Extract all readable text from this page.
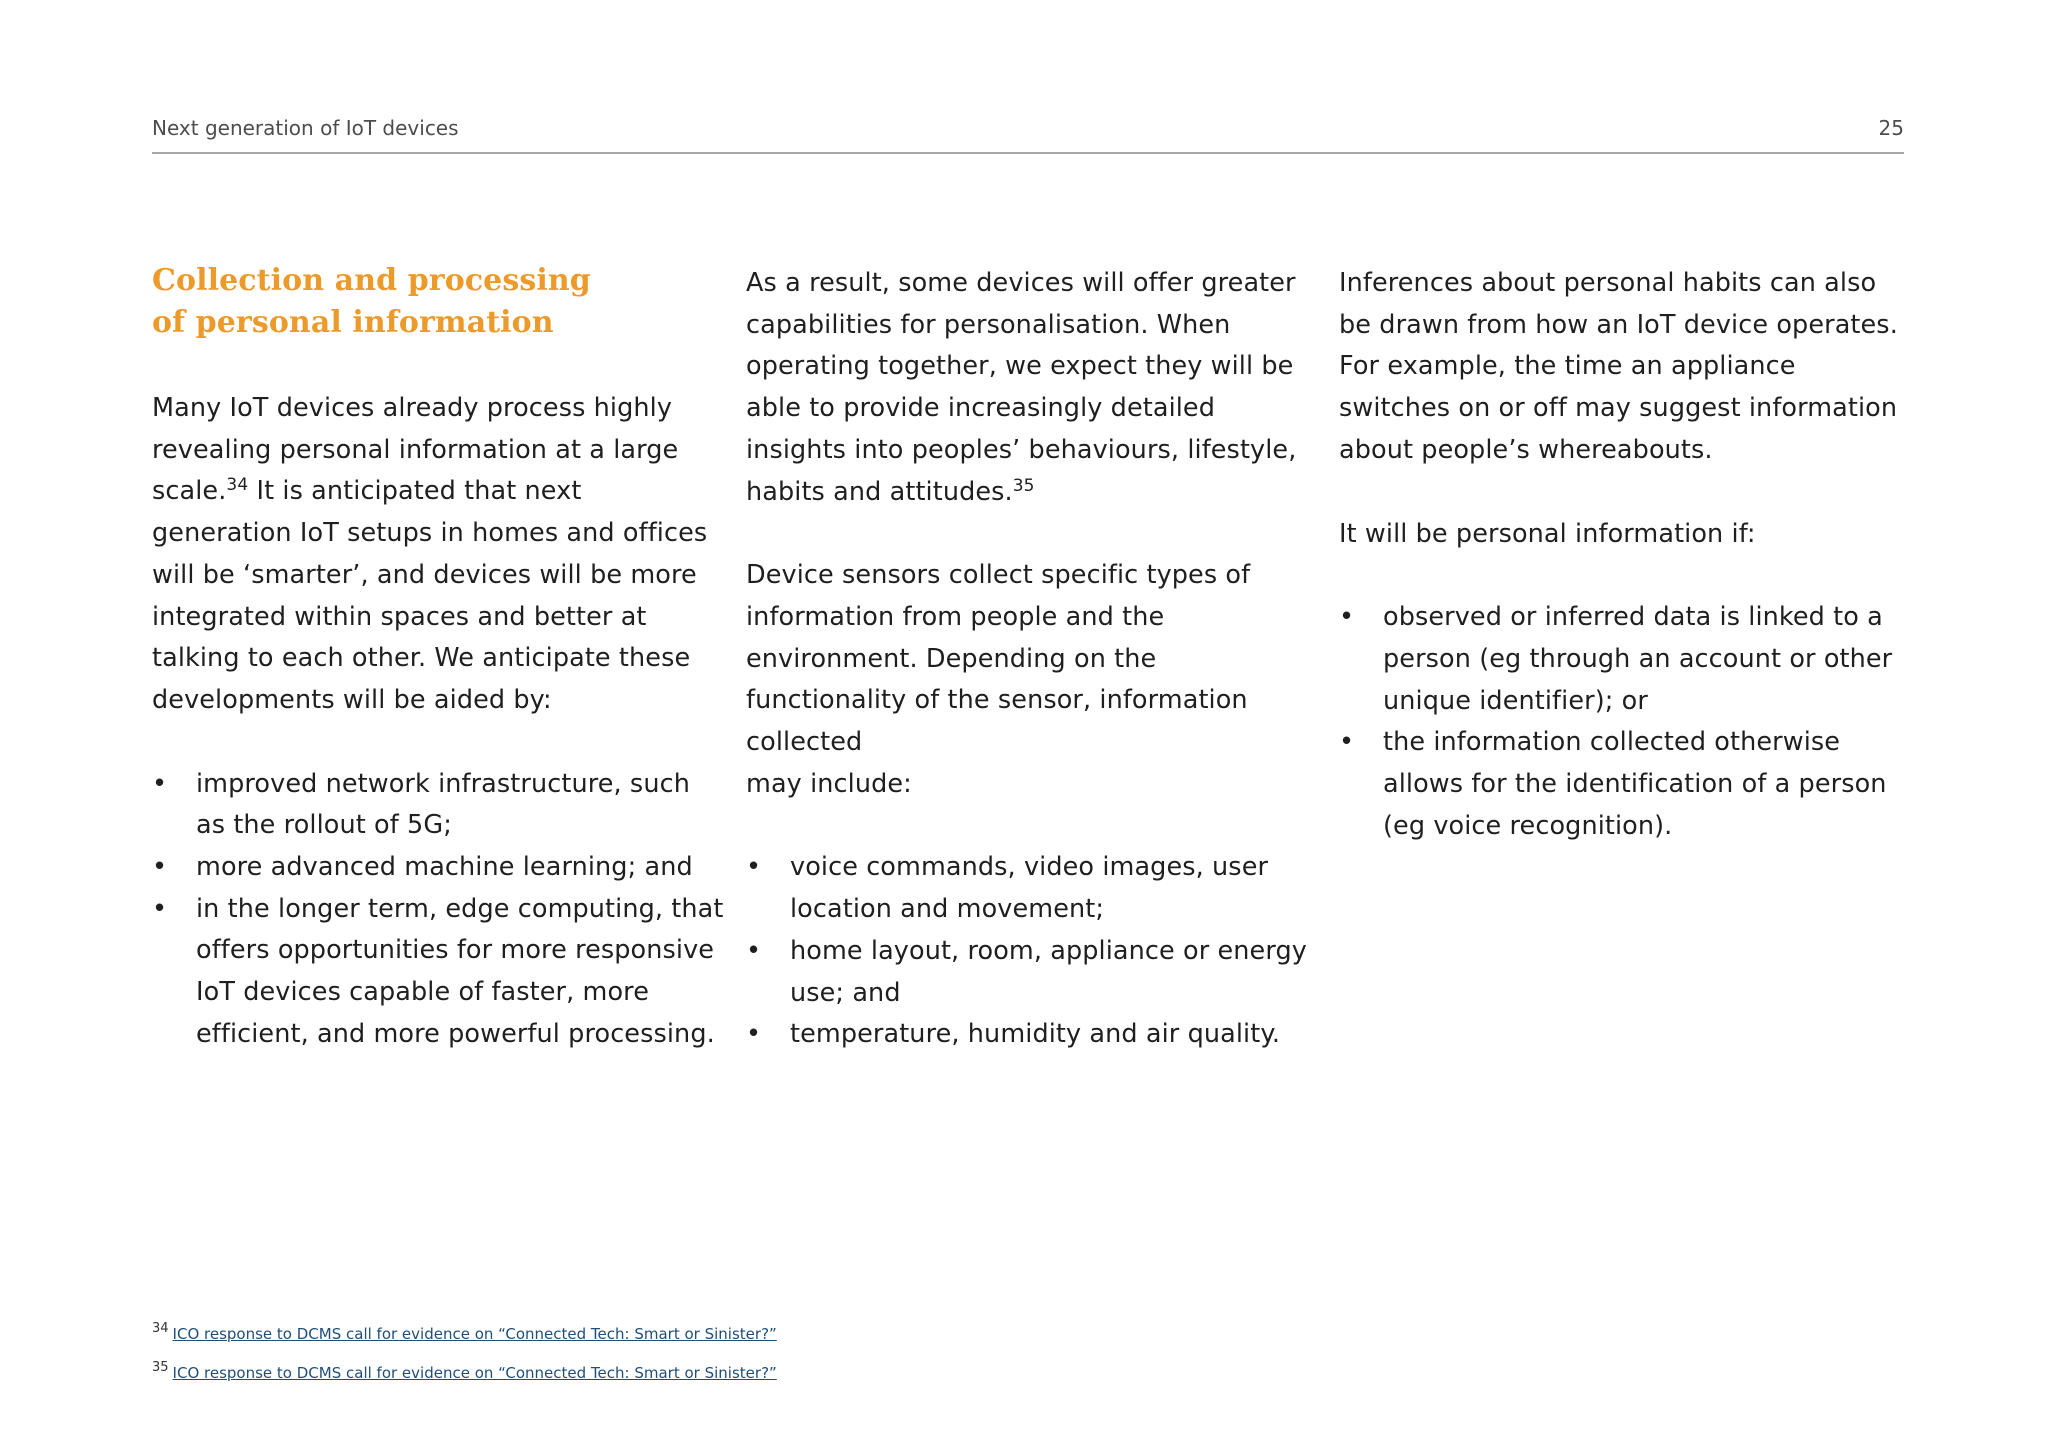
Next generation of IoT devices	25
Collection and processing of personal information

Many IoT devices already process highly revealing personal information at a large scale.$^{34}$ It is anticipated that next generation IoT setups in homes and offices will be ‘smarter’, and devices will be more integrated within spaces and better at talking to each other. We anticipate these developments will be aided by:

• improved network infrastructure, such as the rollout of 5G;
• more advanced machine learning; and
• in the longer term, edge computing, that offers opportunities for more responsive IoT devices capable of faster, more efficient, and more powerful processing.

As a result, some devices will offer greater capabilities for personalisation. When operating together, we expect they will be able to provide increasingly detailed insights into peoples’ behaviours, lifestyle, habits and attitudes.$^{35}$

Device sensors collect specific types of information from people and the environment. Depending on the functionality of the sensor, information collected
may include:

• voice commands, video images, user location and movement;
• home layout, room, appliance or energy use; and
• temperature, humidity and air quality.

Inferences about personal habits can also be drawn from how an IoT device operates. For example, the time an appliance switches on or off may suggest information about people’s whereabouts.

It will be personal information if:

• observed or inferred data is linked to a person (eg through an account or other unique identifier); or
• the information collected otherwise allows for the identification of a person (eg voice recognition).
$^{34}$ ICO response to DCMS call for evidence on “Connected Tech: Smart or Sinister?”
$^{35}$ ICO response to DCMS call for evidence on “Connected Tech: Smart or Sinister?”
